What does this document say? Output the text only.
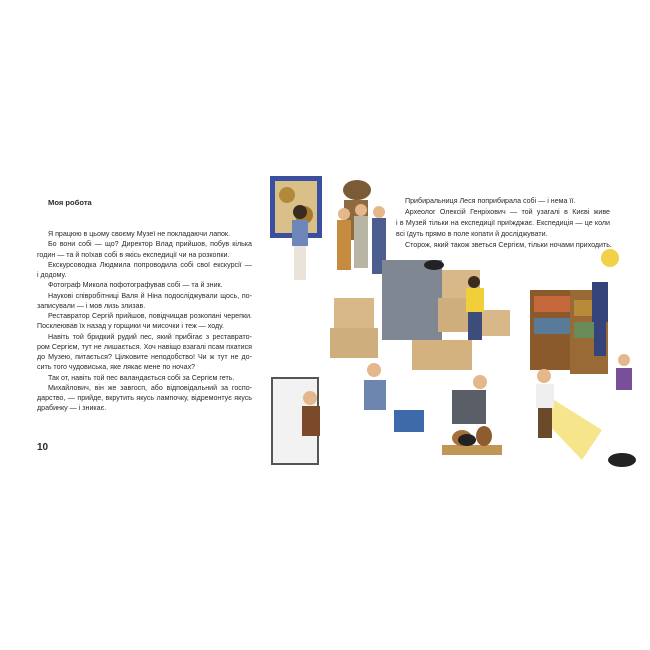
Моя робота
Я працюю в цьому своєму Музеї не покладаючи лапок.
Бо вони собі — що? Директор Влад прийшов, побув кілька
годин — та й поїхав собі в якісь експедиції чи на розкопки.
Екскурсоводка Людмила попроводила собі свої екскурсії —
і додому.
Фотограф Микола пофотографував собі — та й зник.
Наукові співробітниці Валя й Ніна подосліджували щось, по-
записували — і мов лизь злизав.
Реставратор Сергій прийшов, повідчищав розкопані черепки.
Посклеював їх назад у горщики чи мисочки і теж — ходу.
Навіть той бридкий рудий пес, який прибігає з реставрато-
ром Сергієм, тут не лишається. Хоч навіщо взагалі псам пхатися
до Музею, питається? Цілковите неподобство! Чи ж тут не до-
сить того чудовиська, яке лякає мене по ночах?
Так от, навіть той пес валандається собі за Сергієм геть.
Михайлович, він же завгосп, або відповідальний за госпо-
дарство, — прийде, вкрутить якусь лампочку, відремонтує якусь
драбинку — і зникає.
10
Прибиральниця Леся поприбирала собі — і нема її.
Археолог Олексій Генріхович — той узагалі в Києві живе
і в Музей тільки на експедиції приїжджає. Експедиція — це коли
всі їдуть прямо в поле копати й досліджувати.
Сторож, який також зветься Сергієм, тільки ночами приходить.
